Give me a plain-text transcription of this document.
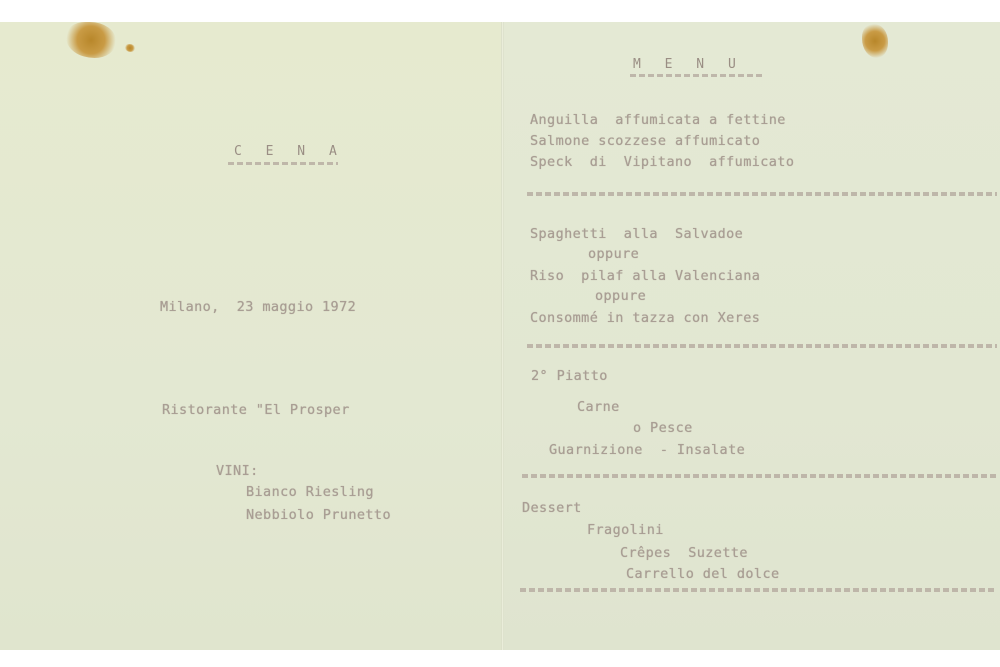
C E N A
Milano,  23 maggio 1972
Ristorante "El Prosper
VINI:
Bianco Riesling
Nebbiolo Prunetto
M E N U
Anguilla  affumicata a fettine
Salmone scozzese affumicato
Speck  di  Vipitano  affumicato
Spaghetti  alla  Salvadoe
oppure
Riso  pilaf alla Valenciana
oppure
Consommé in tazza con Xeres
2° Piatto
Carne
o Pesce
Guarnizione  - Insalate
Dessert
Fragolini
Crêpes  Suzette
Carrello del dolce
